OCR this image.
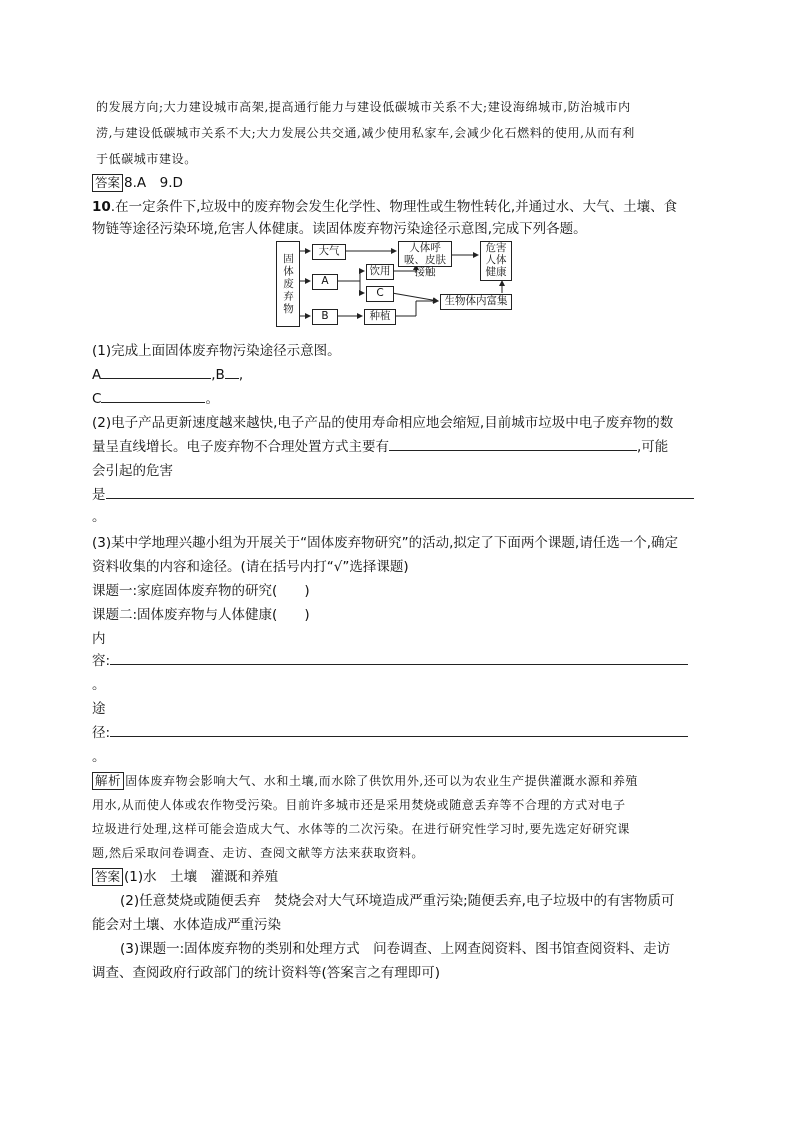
的发展方向;大力建设城市高架,提高通行能力与建设低碳城市关系不大;建设海绵城市,防治城市内
涝,与建设低碳城市关系不大;大力发展公共交通,减少使用私家车,会减少化石燃料的使用,从而有利
于低碳城市建设。
答案 8.A　9.D
10.在一定条件下,垃圾中的废弃物会发生化学性、物理性或生物性转化,并通过水、大气、土壤、食
物链等途径污染环境,危害人体健康。读固体废弃物污染途径示意图,完成下列各题。
固体废弃物
大气
A
B
饮用
C
种植
人体呼吸、皮肤接触
生物体内富集
危害人体健康
(1)完成上面固体废弃物污染途径示意图。
A	,B ,
C	。
(2)电子产品更新速度越来越快,电子产品的使用寿命相应地会缩短,目前城市垃圾中电子废弃物的数
量呈直线增长。电子废弃物不合理处置方式主要有	,可能
会引起的危害
是
。
(3)某中学地理兴趣小组为开展关于“固体废弃物研究”的活动,拟定了下面两个课题,请任选一个,确定
资料收集的内容和途径。(请在括号内打“√”选择课题)
课题一:家庭固体废弃物的研究(　　)
课题二:固体废弃物与人体健康(　　)
内
容:
。
途
径:
。
解析 固体废弃物会影响大气、水和土壤,而水除了供饮用外,还可以为农业生产提供灌溉水源和养殖
用水,从而使人体或农作物受污染。目前许多城市还是采用焚烧或随意丢弃等不合理的方式对电子
垃圾进行处理,这样可能会造成大气、水体等的二次污染。在进行研究性学习时,要先选定好研究课
题,然后采取问卷调查、走访、查阅文献等方法来获取资料。
答案 (1)水　土壤　灌溉和养殖
(2)任意焚烧或随便丢弃　焚烧会对大气环境造成严重污染;随便丢弃,电子垃圾中的有害物质可
能会对土壤、水体造成严重污染
(3)课题一:固体废弃物的类别和处理方式　问卷调查、上网查阅资料、图书馆查阅资料、走访
调查、查阅政府行政部门的统计资料等(答案言之有理即可)
